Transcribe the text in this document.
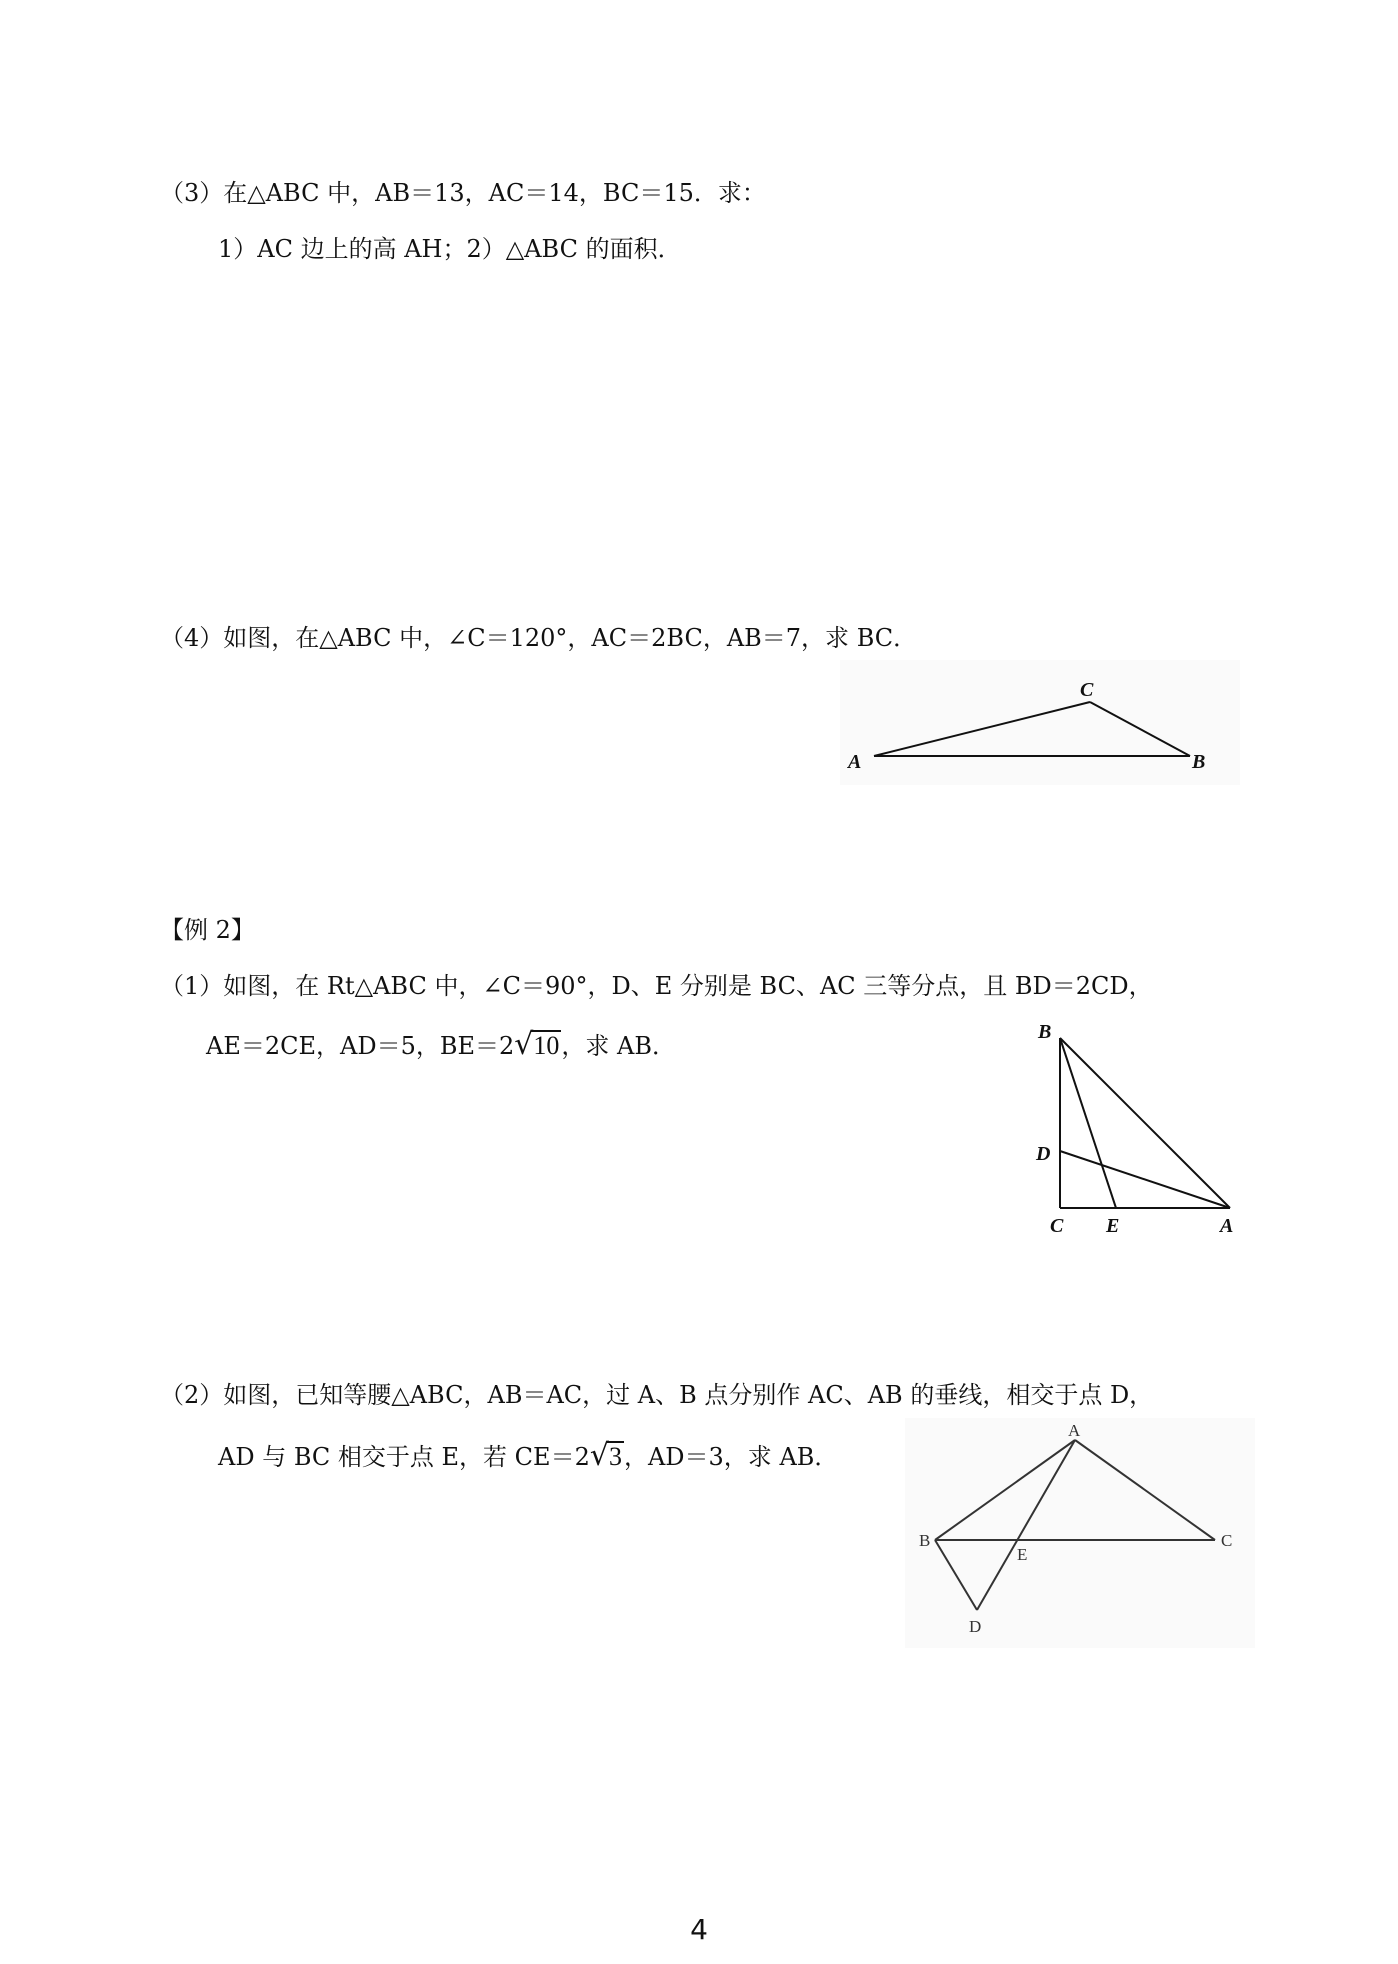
（3）在△ABC 中，AB＝13，AC＝14，BC＝15．求：
1）AC 边上的高 AH；2）△ABC 的面积．
（4）如图，在△ABC 中，∠C＝120°，AC＝2BC，AB＝7，求 BC．
A
C
B
【例 2】
（1）如图，在 Rt△ABC 中，∠C＝90°，D、E 分别是 BC、AC 三等分点，且 BD＝2CD，
AE＝2CE，AD＝5，BE＝2√10，求 AB．	B
D
C E	A
（2）如图，已知等腰△ABC，AB＝AC，过 A、B 点分别作 AC、AB 的垂线，相交于点 D，
AD 与 BC 相交于点 E，若 CE＝2√3，AD＝3，求 AB．
A
B
E
C
D
4
